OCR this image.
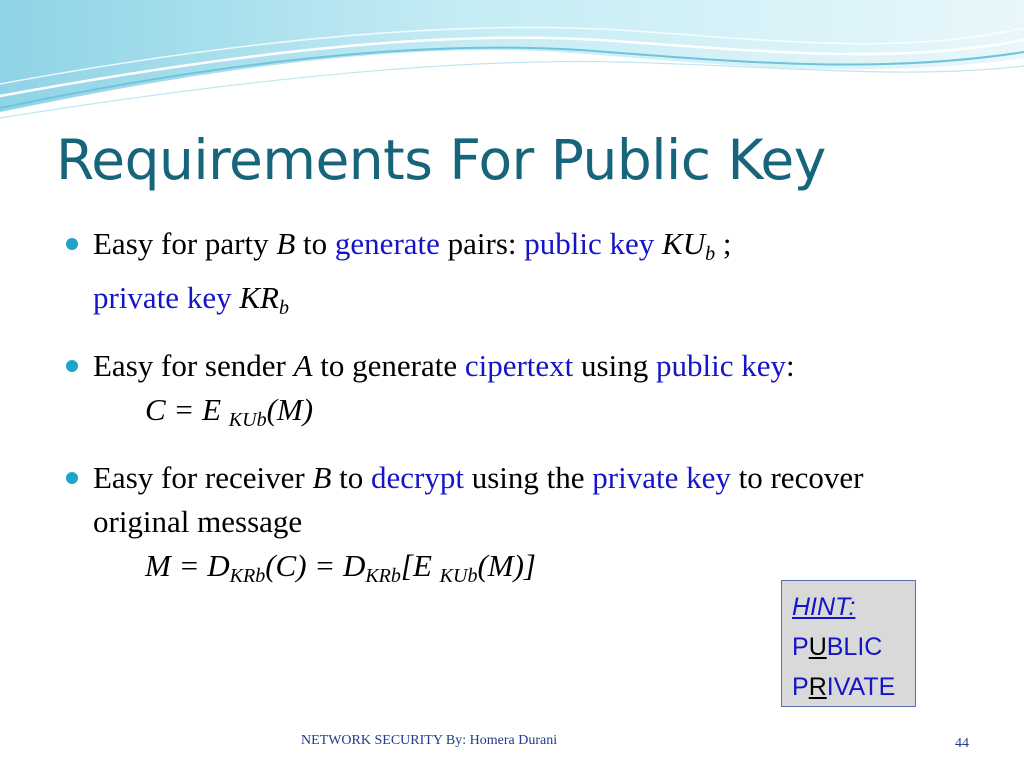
Requirements For Public Key
Easy for party B to generate pairs: public key $KU_b$ ;
private key $KR_b$
Easy for sender A to generate cipertext using public key:
C = E $_{KUb}$(M)
Easy for receiver B to decrypt using the private key to recover original message
$M = D_{KRb}(C) = D_{KRb}[E$ $_{KUb}$(M)]
HINT:
PUBLIC
PRIVATE
NETWORK SECURITY By: Homera Durani	44
